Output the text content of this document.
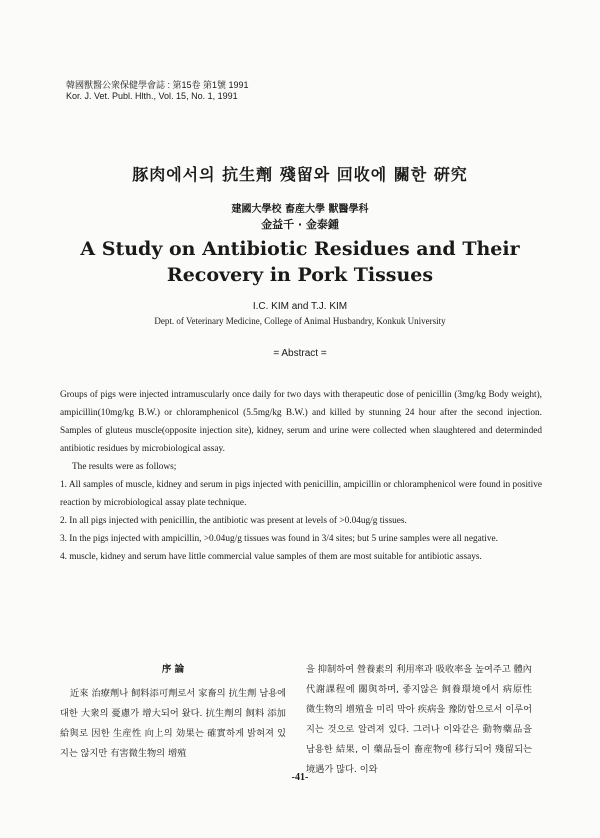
韓國獸醫公衆保健學會誌 : 第15卷 第1號 1991
Kor. J. Vet. Publ. Hlth., Vol. 15, No. 1, 1991
豚肉에서의 抗生劑 殘留와 回收에 關한 硏究
建國大學校 畜産大學 獸醫學科
金益千 · 金泰鍾
A Study on Antibiotic Residues and Their
Recovery in Pork Tissues
I.C. KIM and T.J. KIM
Dept. of Veterinary Medicine, College of Animal Husbandry, Konkuk University
= Abstract =

Groups of pigs were injected intramuscularly once daily for two days with therapeutic dose of penicillin (3mg/kg Body weight), ampicillin(10mg/kg B.W.) or chloramphenicol (5.5mg/kg B.W.) and killed by stunning 24 hour after the second injection. Samples of gluteus muscle(opposite injection site), kidney, serum and urine were collected when slaughtered and determinded antibiotic residues by microbiological assay.

The results were as follows;

1. All samples of muscle, kidney and serum in pigs injected with penicillin, ampicillin or chloramphenicol were found in positive reaction by microbiological assay plate technique.

2. In all pigs injected with penicillin, the antibiotic was present at levels of >0.04ug/g tissues.

3. In the pigs injected with ampicillin, >0.04ug/g tissues was found in 3/4 sites; but 5 urine samples were all negative.

4. muscle, kidney and serum have little commercial value samples of them are most suitable for antibiotic assays.

序 論

近來 治療劑나 飼料添可劑로서 家畜의 抗生劑 남용에 대한 大衆의 憂慮가 增大되어 왔다. 抗生劑의 飼料 添加 給與로 因한 生産性 向上의 効果는 確實하게 밝혀져 있지는 않지만 有害微生物의 增殖

을 抑制하여 營養素의 利用率과 吸收率을 높여주고 體內 代謝課程에 關與하며, 좋지않은 飼養環境에서 病原性 微生物의 增殖을 미리 막아 疾病을 豫防함으로서 이루어지는 것으로 알려져 있다. 그러나 이와같은 動物藥品을 남용한 結果, 이 藥品들이 畜産物에 移行되어 殘留되는 境遇가 많다. 이와

-41-
